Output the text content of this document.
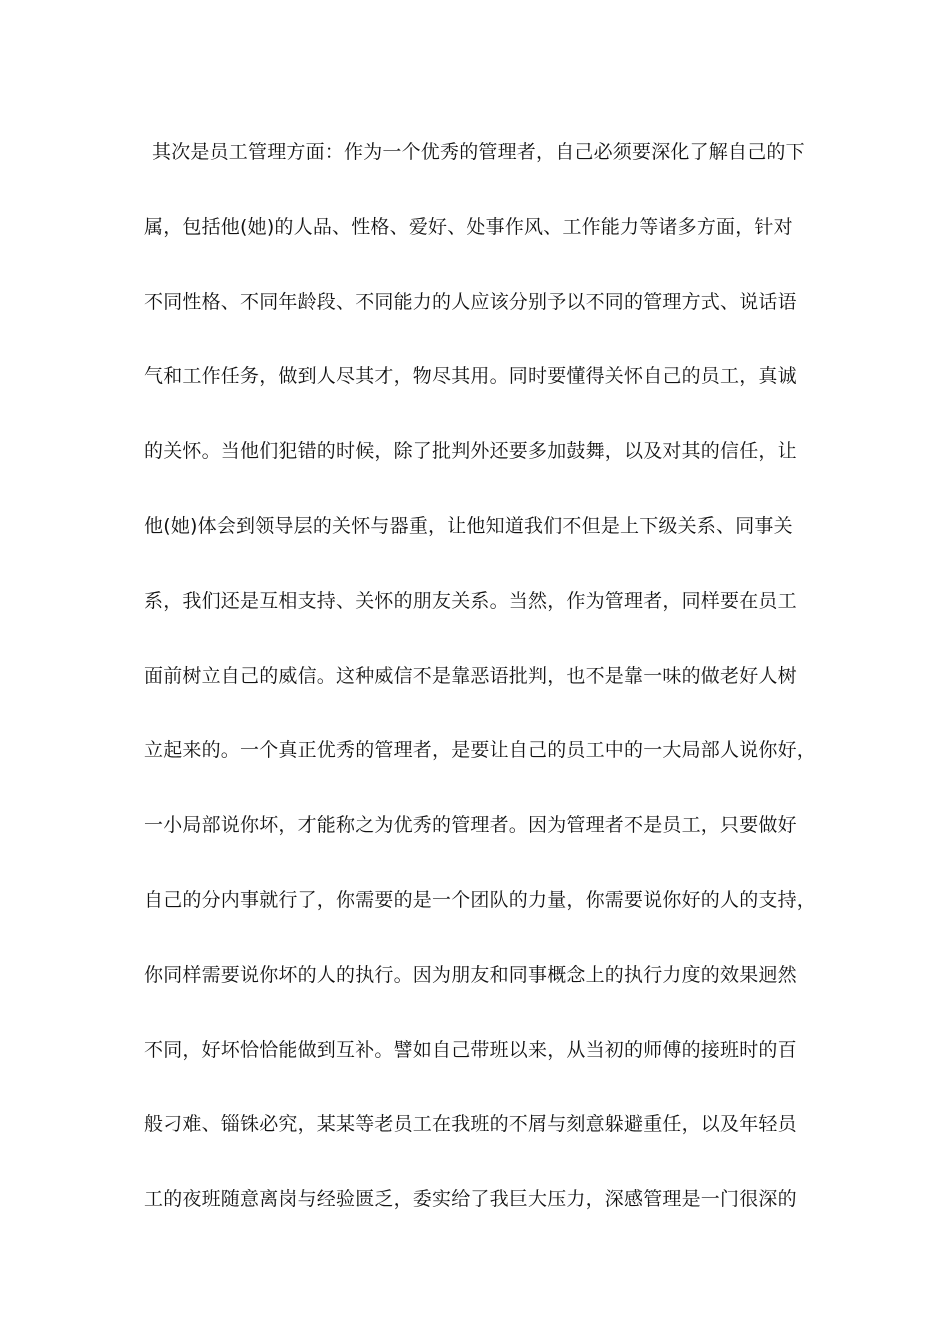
其次是员工管理方面：作为一个优秀的管理者，自己必须要深化了解自己的下
属，包括他(她)的人品、性格、爱好、处事作风、工作能力等诸多方面，针对
不同性格、不同年龄段、不同能力的人应该分别予以不同的管理方式、说话语
气和工作任务，做到人尽其才，物尽其用。同时要懂得关怀自己的员工，真诚
的关怀。当他们犯错的时候，除了批判外还要多加鼓舞，以及对其的信任，让
他(她)体会到领导层的关怀与器重，让他知道我们不但是上下级关系、同事关
系，我们还是互相支持、关怀的朋友关系。当然，作为管理者，同样要在员工
面前树立自己的威信。这种威信不是靠恶语批判，也不是靠一味的做老好人树
立起来的。一个真正优秀的管理者，是要让自己的员工中的一大局部人说你好，
一小局部说你坏，才能称之为优秀的管理者。因为管理者不是员工，只要做好
自己的分内事就行了，你需要的是一个团队的力量，你需要说你好的人的支持，
你同样需要说你坏的人的执行。因为朋友和同事概念上的执行力度的效果迥然
不同，好坏恰恰能做到互补。譬如自己带班以来，从当初的师傅的接班时的百
般刁难、锱铢必究，某某等老员工在我班的不屑与刻意躲避重任，以及年轻员
工的夜班随意离岗与经验匮乏，委实给了我巨大压力，深感管理是一门很深的
